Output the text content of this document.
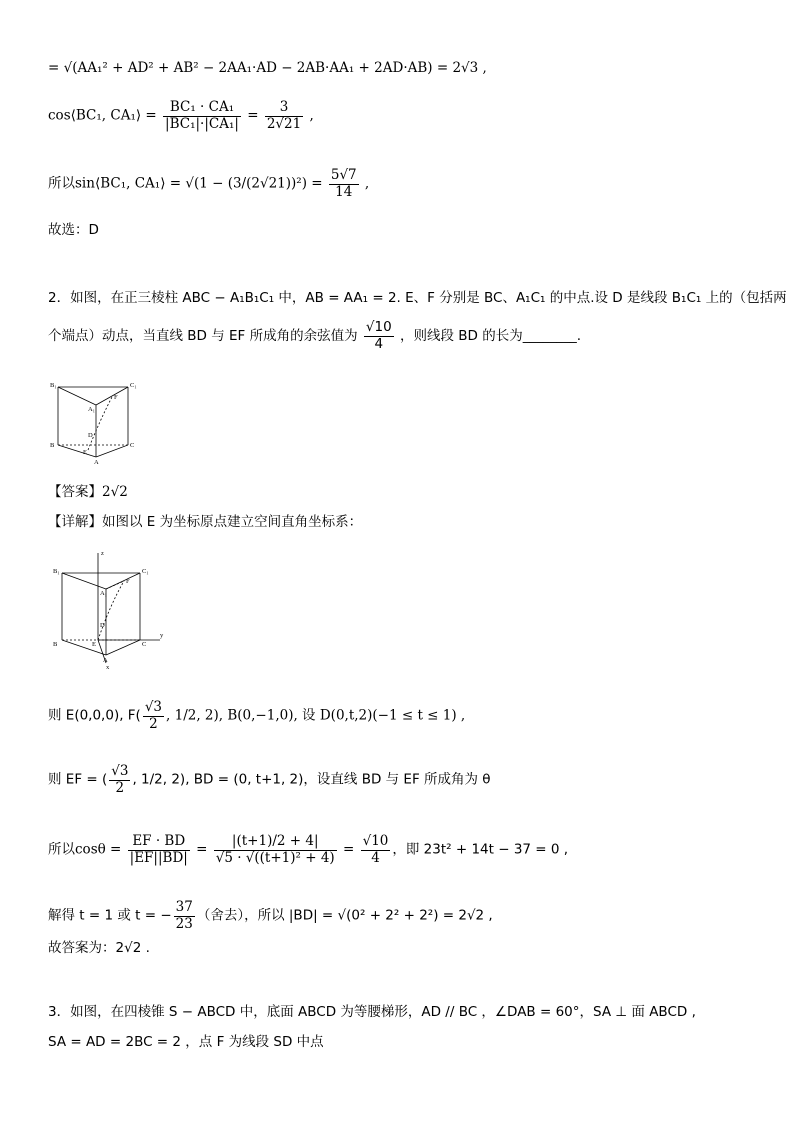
= √(AA₁² + AD² + AB² − 2AA₁·AD − 2AB·AA₁ + 2AD·AB) = 2√3 ,
cos⟨BC₁, CA₁⟩ = $\frac{\text{BC₁ · CA₁}}{\text{|BC₁|·|CA₁|}} = \frac{3}{2√21}$ ,
所以sin⟨BC₁, CA₁⟩ = $√(1 - (3/(2√21))^2) = \frac{5√7}{14}$ ,
故选：D
2．如图，在正三棱柱 ABC − A₁B₁C₁ 中，AB = AA₁ = 2. E、F 分别是 BC、A₁C₁ 的中点.设 D 是线段 B₁C₁ 上的（包括两
个端点）动点，当直线 BD 与 EF 所成角的余弦值为 $\frac{√10}{4}$ ，则线段 BD 的长为________.
B₁	C₁
A₁
F
D
B	C
E
A
【答案】2√2
【详解】如图以 E 为坐标原点建立空间直角坐标系：
z
B₁	C₁
A₁
F
D
B	E	C
A
y
x
则 E(0,0,0), $F( \frac{√3}{2}$ , 1/2, 2), B(0,−1,0), 设 D(0,t,2)(−1 ≤ t ≤ 1) ,
则 EF = ( $\frac{√3}{2}$ , 1/2, 2), BD = (0, t+1, 2)，设直线 BD 与 EF 所成角为 θ
所以$\cos\theta = \frac{EF \cdot BD}{|EF||BD|} = \frac{|(t+1)/2 + 4|}{\text{√5 · √((t+1)² + 4)}} = \frac{√10}{4}$ ，即 23t² + 14t − 37 = 0 ,
解得 t = 1 或 t = − $\frac{37}{23}$ （舍去），所以 |BD| = √(0² + 2² + 2²) = 2√2 ,
故答案为：2√2 .
3．如图，在四棱锥 S − ABCD 中，底面 ABCD 为等腰梯形，AD // BC ，∠DAB = 60°，SA ⊥ 面 ABCD ,
SA = AD = 2BC = 2 ，点 F 为线段 SD 中点
